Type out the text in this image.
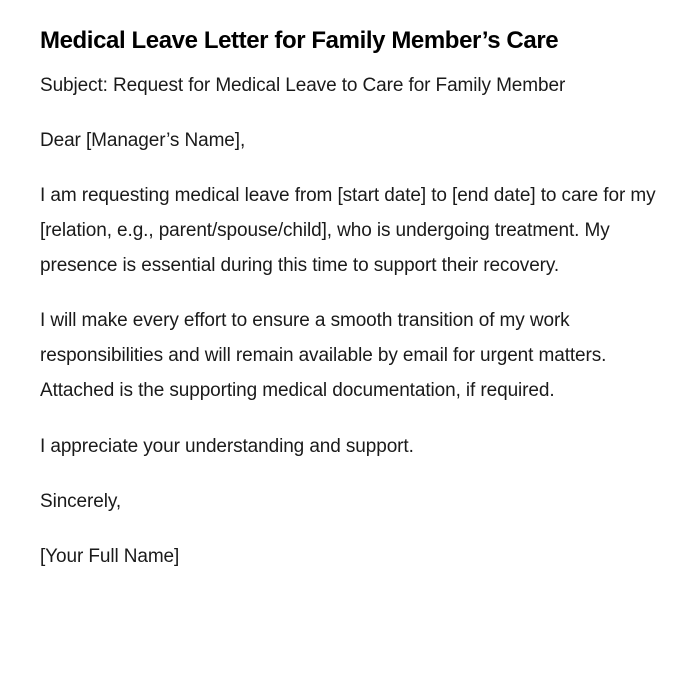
Medical Leave Letter for Family Member’s Care

Subject: Request for Medical Leave to Care for Family Member

Dear [Manager’s Name],

I am requesting medical leave from [start date] to [end date] to care for my [relation, e.g., parent/spouse/child], who is undergoing treatment. My presence is essential during this time to support their recovery.

I will make every effort to ensure a smooth transition of my work responsibilities and will remain available by email for urgent matters. Attached is the supporting medical documentation, if required.

I appreciate your understanding and support.

Sincerely,

[Your Full Name]
